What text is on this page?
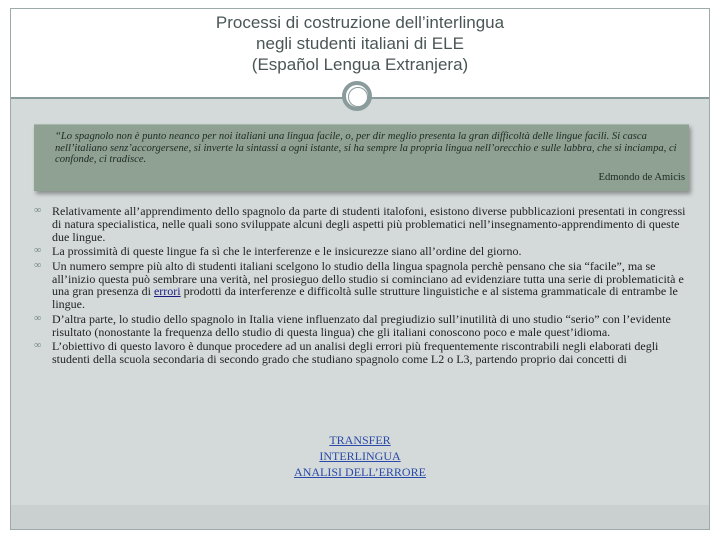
Processi di costruzione dell’interlingua
negli studenti italiani di ELE
(Español Lengua Extranjera)
“Lo spagnolo non è punto neanco per noi italiani una lingua facile, o, per dir meglio presenta la gran difficoltà delle lingue facili. Si casca nell’italiano senz’accorgersene, si inverte la sintassi a ogni istante, si ha sempre la propria lingua nell’orecchio e sulle labbra, che si inciampa, ci confonde, ci tradisce.
Edmondo de Amicis
∞ Relativamente all’apprendimento dello spagnolo da parte di studenti italofoni, esistono diverse pubblicazioni presentati in congressi di natura specialistica, nelle quali sono sviluppate alcuni degli aspetti più problematici nell’insegnamento-apprendimento di queste due lingue.
∞ La prossimità di queste lingue fa sì che le interferenze e le insicurezze siano all’ordine del giorno.
∞ Un numero sempre più alto di studenti italiani scelgono lo studio della lingua spagnola perchè pensano che sia “facile”, ma se all’inizio questa può sembrare una verità, nel prosieguo dello studio si cominciano ad evidenziare tutta una serie di problematicità e una gran presenza di errori prodotti da interferenze e difficoltà sulle strutture linguistiche e al sistema grammaticale di entrambe le lingue.
∞ D’altra parte, lo studio dello spagnolo in Italia viene influenzato dal pregiudizio sull’inutilità di uno studio “serio” con l’evidente risultato (nonostante la frequenza dello studio di questa lingua) che gli italiani conoscono poco e male quest’idioma.
∞ L’obiettivo di questo lavoro è dunque procedere ad un analisi degli errori più frequentemente riscontrabili negli elaborati degli studenti della scuola secondaria di secondo grado che studiano spagnolo come L2 o L3, partendo proprio dai concetti di
TRANSFER
INTERLINGUA
ANALISI DELL’ERRORE
